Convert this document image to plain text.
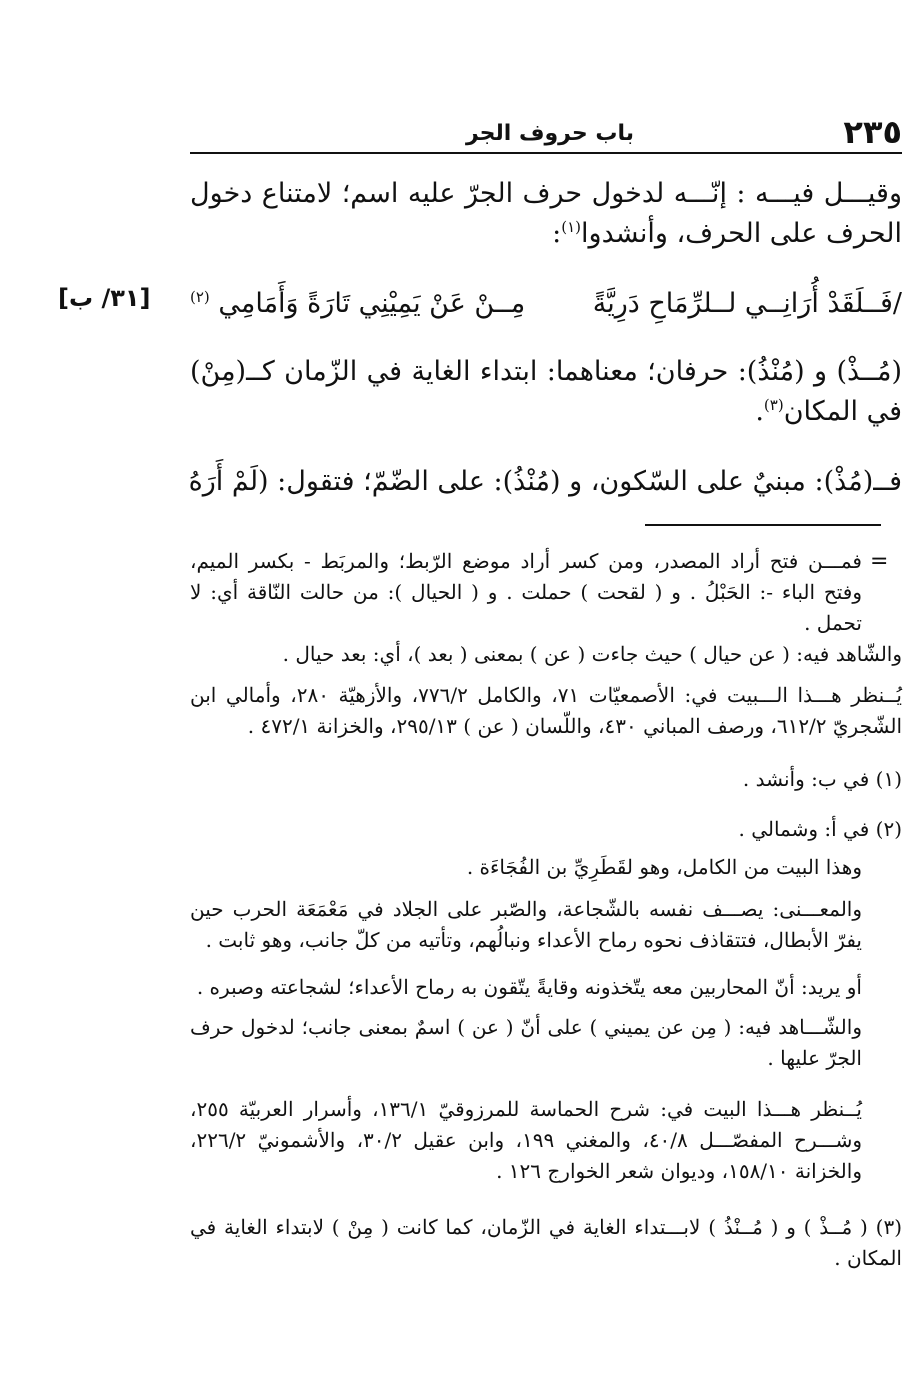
٢٣٥
باب حروف الجر
وقيـــل فيـــه : إنّـــه لدخول حرف الجرّ عليه اسم؛ لامتناع دخول الحرف على الحرف، وأنشدوا$^{(١)}$:
/فَــلَقَدْ أُرَانِــي لــلرِّمَاحِ دَرِيَّةً
مِــنْ عَنْ يَمِيْنِي تَارَةً وَأَمَامِي $^{(٢)}$
[٣١/ ب]
(مُــذْ) و (مُنْذُ): حرفان؛ معناهما: ابتداء الغاية في الزّمان كــ(مِنْ) في المكان$^{(٣)}$.
فــ(مُذْ): مبنيٌ على السّكون، و (مُنْذُ): على الضّمّ؛ فتقول: (لَمْ أَرَهُ
=
فمـــن فتح أراد المصدر، ومن كسر أراد موضع الرّبط؛ والمربَط - بكسر الميم، وفتح الباء -: الحَبْلُ . و ( لقحت ) حملت . و ( الحيال ): من حالت النّاقة أي: لا تحمل .
والشّاهد فيه: ( عن حيال ) حيث جاءت ( عن ) بمعنى ( بعد )، أي: بعد حيال .
يُــنظر هـــذا الـــبيت في: الأصمعيّات ٧١، والكامل ٧٧٦/٢، والأزهيّة ٢٨٠، وأمالي ابن الشّجريّ ٦١٢/٢، ورصف المباني ٤٣٠، واللّسان ( عن ) ٢٩٥/١٣، والخزانة ٤٧٢/١ .
(١) في ب: وأنشد .
(٢) في أ: وشمالي .
وهذا البيت من الكامل، وهو لقَطَرِيِّ بن الفُجَاءَة .
والمعـــنى: يصـــف نفسه بالشّجاعة، والصّبر على الجلاد في مَعْمَعَة الحرب حين يفرّ الأبطال، فتتقاذف نحوه رماح الأعداء ونبالُهم، وتأتيه من كلّ جانب، وهو ثابت .
أو يريد: أنّ المحاربين معه يتّخذونه وقايةً يتّقون به رماح الأعداء؛ لشجاعته وصبره .
والشّـــاهد فيه: ( مِن عن يميني ) على أنّ ( عن ) اسمٌ بمعنى جانب؛ لدخول حرف الجرّ عليها .
يُــنظر هـــذا البيت في: شرح الحماسة للمرزوقيّ ١٣٦/١، وأسرار العربيّة ٢٥٥، وشـــرح المفصّـــل ٤٠/٨، والمغني ١٩٩، وابن عقيل ٣٠/٢، والأشمونيّ ٢٢٦/٢، والخزانة ١٥٨/١٠، وديوان شعر الخوارج ١٢٦ .
(٣) ( مُــذْ ) و ( مُــنْذُ ) لابـــتداء الغاية في الزّمان، كما كانت ( مِنْ ) لابتداء الغاية في المكان .
